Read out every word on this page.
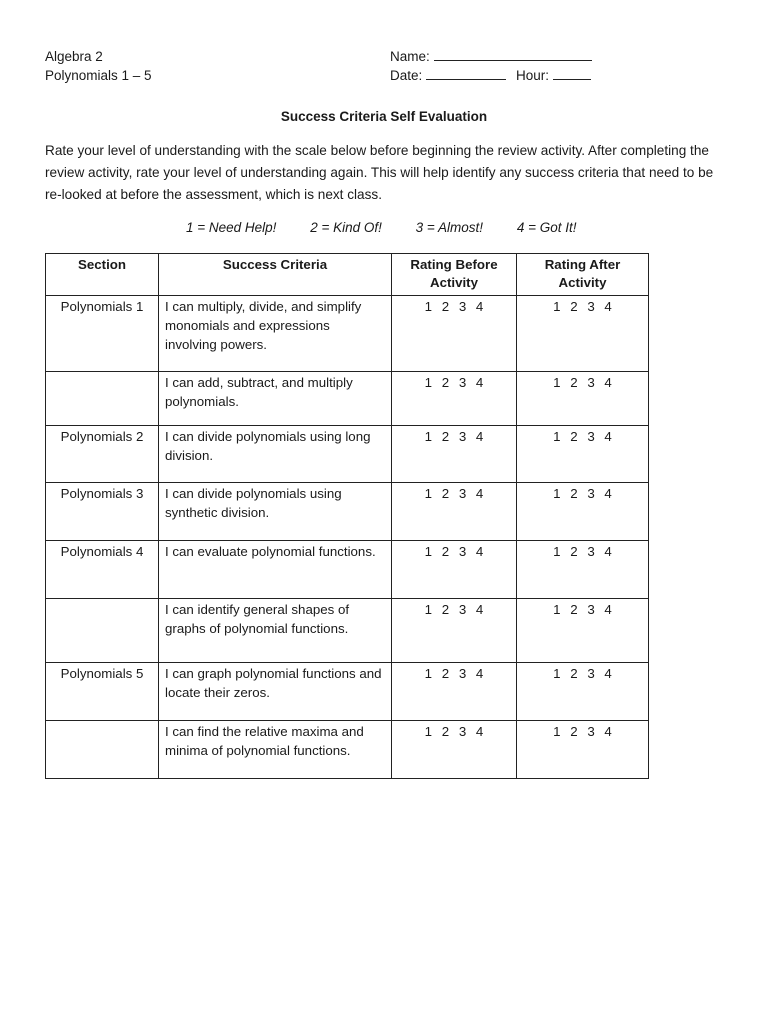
Algebra 2
Polynomials 1 – 5
Name:
Date:	Hour:
Success Criteria Self Evaluation
Rate your level of understanding with the scale below before beginning the review activity. After completing the review activity, rate your level of understanding again. This will help identify any success criteria that need to be re-looked at before the assessment, which is next class.
1 = Need Help!	2 = Kind Of!	3 = Almost!	4 = Got It!
Section	Success Criteria	Rating Before Activity	Rating After Activity
Polynomials 1	I can multiply, divide, and simplify monomials and expressions involving powers.	1 2 3 4	1 2 3 4
	I can add, subtract, and multiply polynomials.	1 2 3 4	1 2 3 4
Polynomials 2	I can divide polynomials using long division.	1 2 3 4	1 2 3 4
Polynomials 3	I can divide polynomials using synthetic division.	1 2 3 4	1 2 3 4
Polynomials 4	I can evaluate polynomial functions.	1 2 3 4	1 2 3 4
	I can identify general shapes of graphs of polynomial functions.	1 2 3 4	1 2 3 4
Polynomials 5	I can graph polynomial functions and locate their zeros.	1 2 3 4	1 2 3 4
	I can find the relative maxima and minima of polynomial functions.	1 2 3 4	1 2 3 4
